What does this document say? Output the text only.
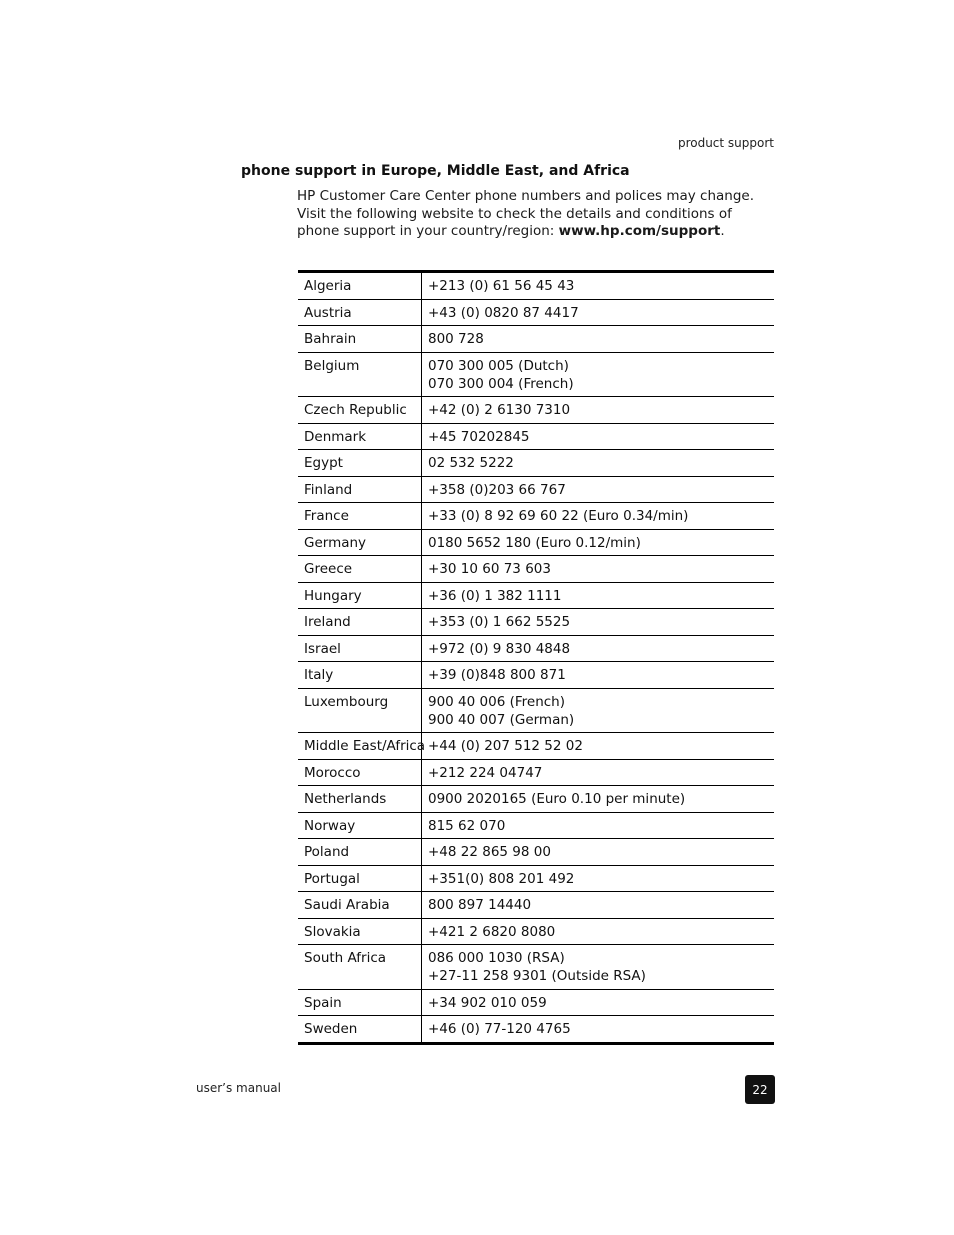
product support
phone support in Europe, Middle East, and Africa
HP Customer Care Center phone numbers and polices may change. Visit the following website to check the details and conditions of phone support in your country/region: www.hp.com/support.
Algeria	+213 (0) 61 56 45 43
Austria	+43 (0) 0820 87 4417
Bahrain	800 728
Belgium	070 300 005 (Dutch)
070 300 004 (French)
Czech Republic	+42 (0) 2 6130 7310
Denmark	+45 70202845
Egypt	02 532 5222
Finland	+358 (0)203 66 767
France	+33 (0) 8 92 69 60 22 (Euro 0.34/min)
Germany	0180 5652 180 (Euro 0.12/min)
Greece	+30 10 60 73 603
Hungary	+36 (0) 1 382 1111
Ireland	+353 (0) 1 662 5525
Israel	+972 (0) 9 830 4848
Italy	+39 (0)848 800 871
Luxembourg	900 40 006 (French)
900 40 007 (German)
Middle East/Africa +44 (0) 207 512 52 02
Morocco	+212 224 04747
Netherlands	0900 2020165 (Euro 0.10 per minute)
Norway	815 62 070
Poland	+48 22 865 98 00
Portugal	+351(0) 808 201 492
Saudi Arabia	800 897 14440
Slovakia	+421 2 6820 8080
South Africa	086 000 1030 (RSA)
+27-11 258 9301 (Outside RSA)
Spain	+34 902 010 059
Sweden	+46 (0) 77-120 4765
user’s manual	22
